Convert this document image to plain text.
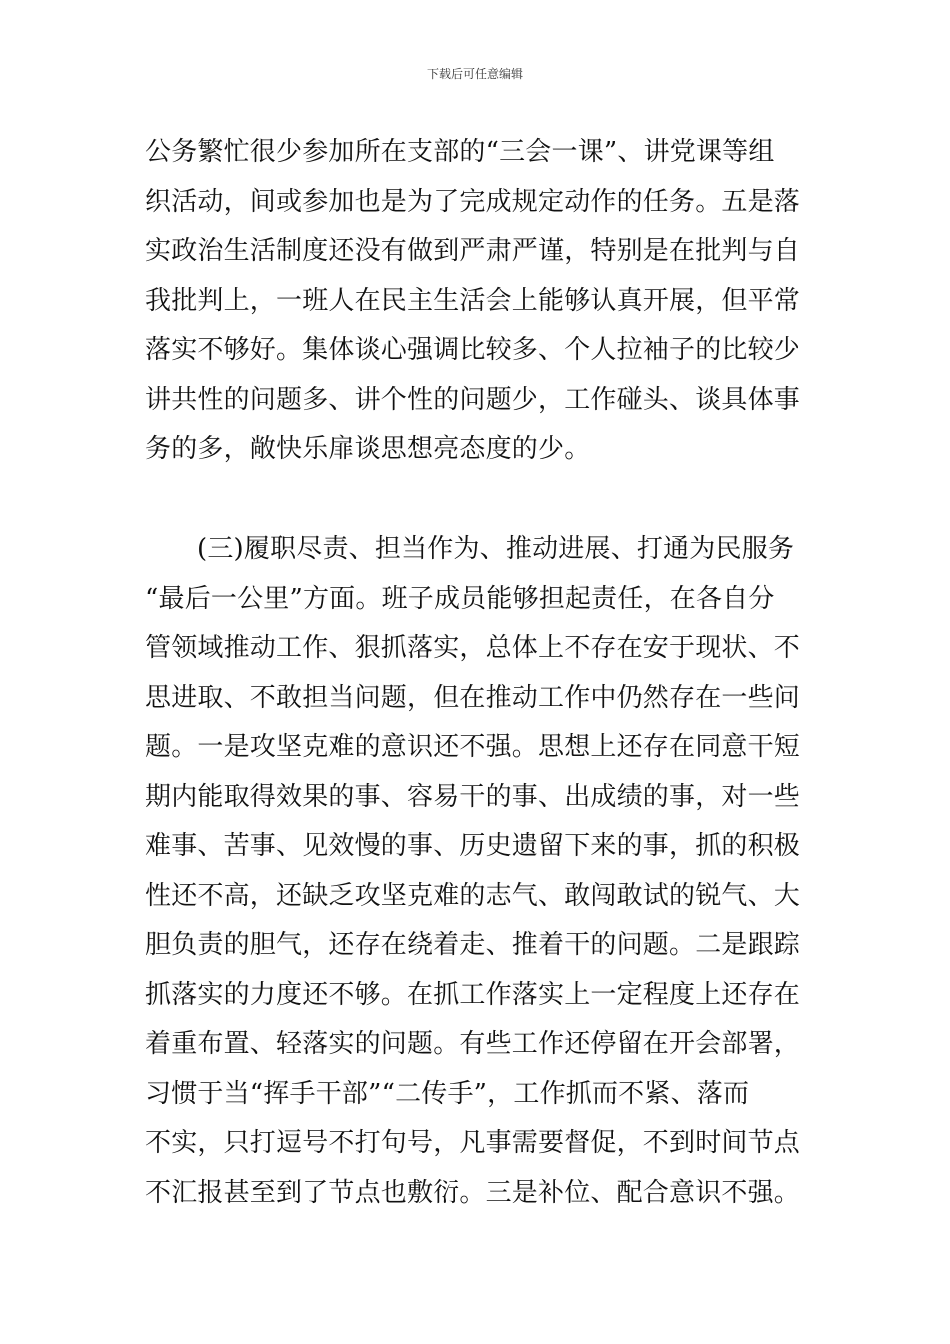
下载后可任意编辑
公务繁忙很少参加所在支部的“三会一课”、讲党课等组
织活动，间或参加也是为了完成规定动作的任务。五是落
实政治生活制度还没有做到严肃严谨，特别是在批判与自
我批判上，一班人在民主生活会上能够认真开展，但平常
落实不够好。集体谈心强调比较多、个人拉袖子的比较少
讲共性的问题多、讲个性的问题少，工作碰头、谈具体事
务的多，敞快乐扉谈思想亮态度的少。
(三)履职尽责、担当作为、推动进展、打通为民服务
“最后一公里”方面。班子成员能够担起责任，在各自分
管领域推动工作、狠抓落实，总体上不存在安于现状、不
思进取、不敢担当问题，但在推动工作中仍然存在一些问
题。一是攻坚克难的意识还不强。思想上还存在同意干短
期内能取得效果的事、容易干的事、出成绩的事，对一些
难事、苦事、见效慢的事、历史遗留下来的事，抓的积极
性还不高，还缺乏攻坚克难的志气、敢闯敢试的锐气、大
胆负责的胆气，还存在绕着走、推着干的问题。二是跟踪
抓落实的力度还不够。在抓工作落实上一定程度上还存在
着重布置、轻落实的问题。有些工作还停留在开会部署，
习惯于当“挥手干部”“二传手”，工作抓而不紧、落而
不实，只打逗号不打句号，凡事需要督促，不到时间节点
不汇报甚至到了节点也敷衍。三是补位、配合意识不强。
